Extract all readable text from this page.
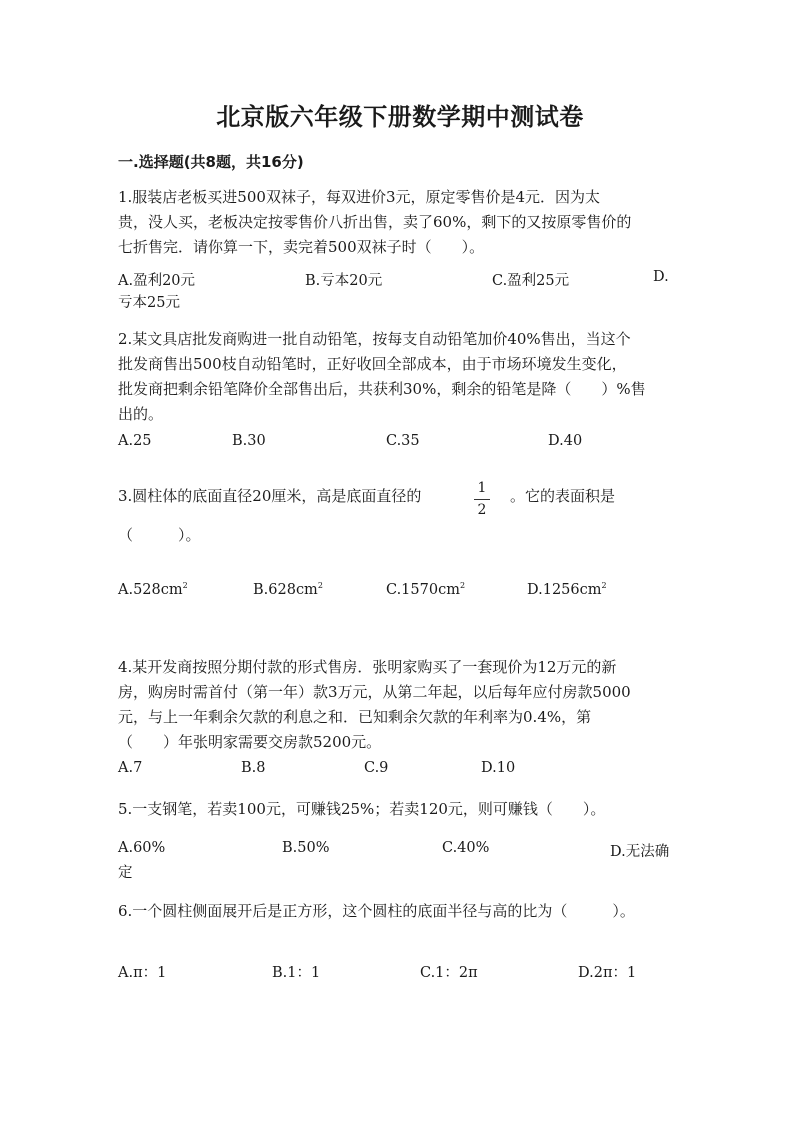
北京版六年级下册数学期中测试卷
一.选择题(共8题，共16分)
1.服装店老板买进500双袜子，每双进价3元，原定零售价是4元．因为太
贵，没人买，老板决定按零售价八折出售，卖了60%，剩下的又按原零售价的
七折售完．请你算一下，卖完着500双袜子时（　　）。
A.盈利20元	B.亏本20元	C.盈利25元	D.
亏本25元
2.某文具店批发商购进一批自动铅笔，按每支自动铅笔加价40%售出，当这个
批发商售出500枝自动铅笔时，正好收回全部成本，由于市场环境发生变化，
批发商把剩余铅笔降价全部售出后，共获利30%，剩余的铅笔是降（　　）%售
出的。
A.25	B.30	C.35	D.40
3.圆柱体的底面直径20厘米，高是底面直径的	1
2
。它的表面积是
（　　　）。
$A.528cm^2$	$B.628cm^2$	$C.1570cm^2$	$D.1256cm^2$
4.某开发商按照分期付款的形式售房．张明家购买了一套现价为12万元的新
房，购房时需首付（第一年）款3万元，从第二年起，以后每年应付房款5000
元，与上一年剩余欠款的利息之和．已知剩余欠款的年利率为0.4%，第
（　　）年张明家需要交房款5200元。
A.7	B.8	C.9	D.10
5.一支钢笔，若卖100元，可赚钱25%；若卖120元，则可赚钱（　　）。
A.60%	B.50%	C.40%	D.无法确
定
6.一个圆柱侧面展开后是正方形，这个圆柱的底面半径与高的比为（　　　）。
A.π：1	B.1：1	C.1：2π	D.2π：1
